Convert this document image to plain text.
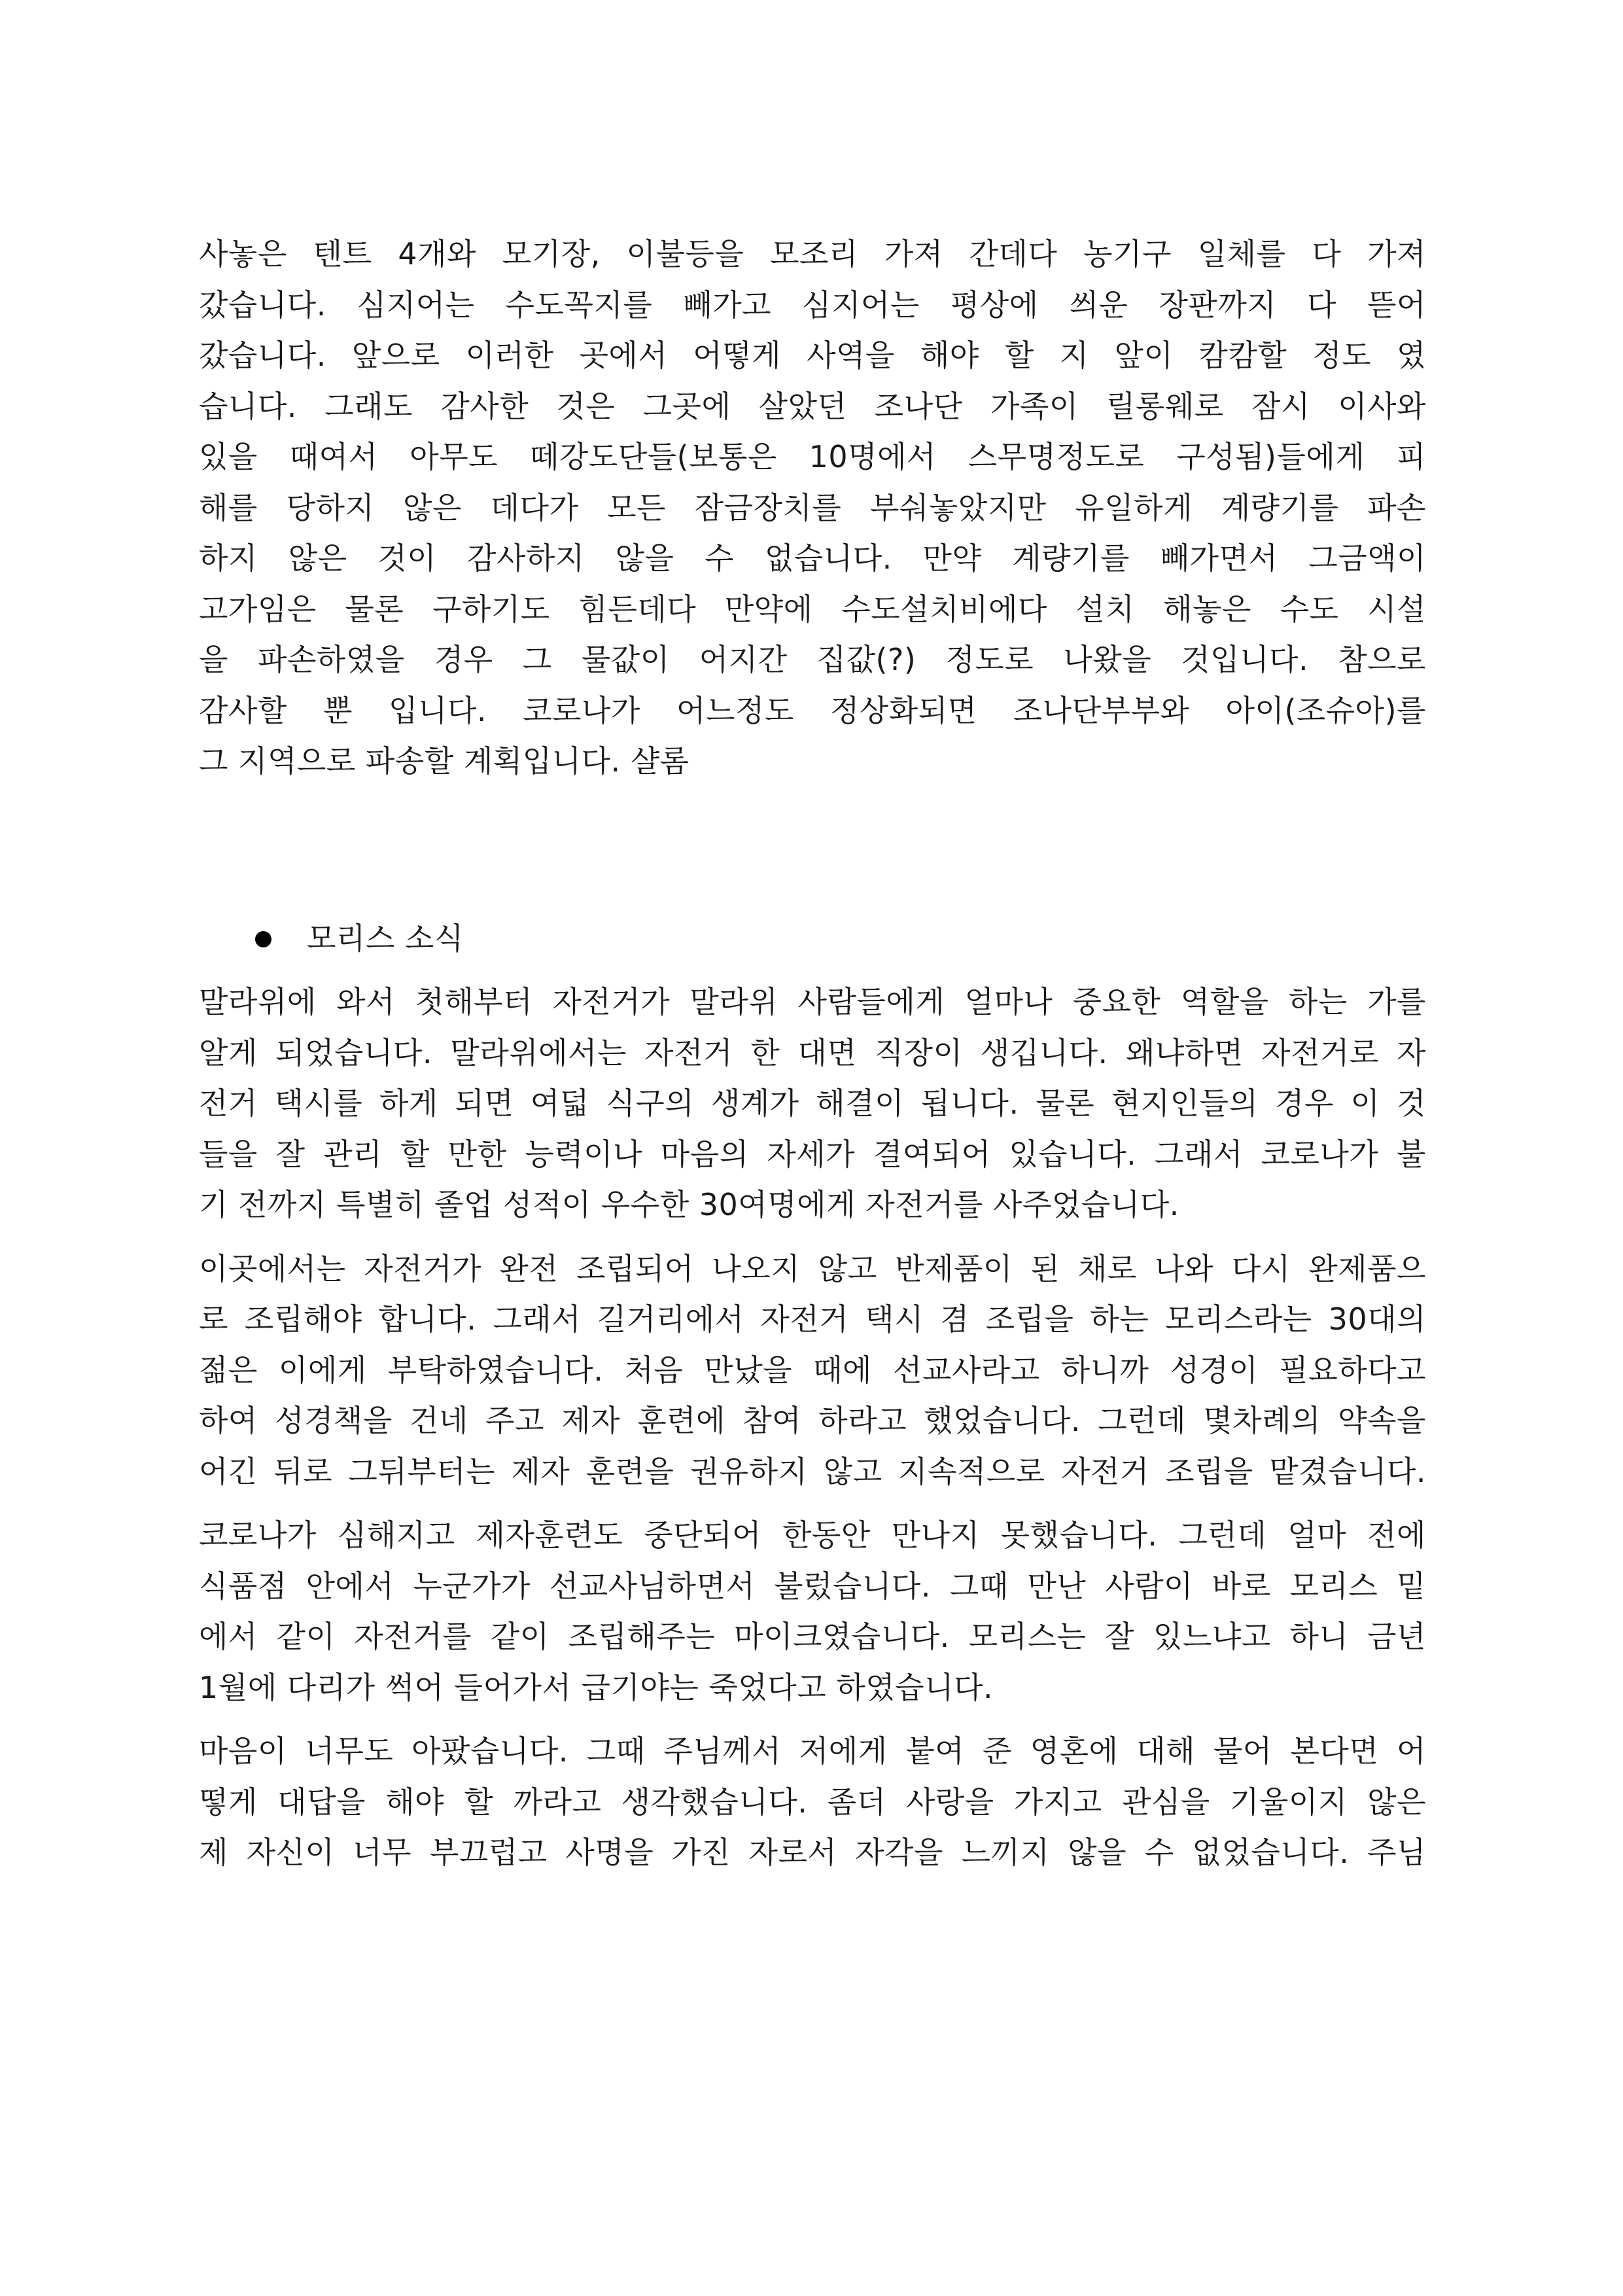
사놓은 텐트 4개와 모기장, 이불등을 모조리 가져 간데다 농기구 일체를 다 가져
갔습니다. 심지어는 수도꼭지를 빼가고 심지어는 평상에 씌운 장판까지 다 뜯어
갔습니다. 앞으로 이러한 곳에서 어떻게 사역을 해야 할 지 앞이 캄캄할 정도 였
습니다. 그래도 감사한 것은 그곳에 살았던 조나단 가족이 릴롱웨로 잠시 이사와
있을 때여서 아무도 떼강도단들(보통은 10명에서 스무명정도로 구성됨)들에게 피
해를 당하지 않은 데다가 모든 잠금장치를 부숴놓았지만 유일하게 계량기를 파손
하지 않은 것이 감사하지 않을 수 없습니다. 만약 계량기를 빼가면서 그금액이
고가임은 물론 구하기도 힘든데다 만약에 수도설치비에다 설치 해놓은 수도 시설
을 파손하였을 경우 그 물값이 어지간 집값(?) 정도로 나왔을 것입니다. 참으로
감사할 뿐 입니다. 코로나가 어느정도 정상화되면 조나단부부와 아이(조슈아)를
그 지역으로 파송할 계획입니다. 샬롬
모리스 소식
말라위에 와서 첫해부터 자전거가 말라위 사람들에게 얼마나 중요한 역할을 하는 가를
알게 되었습니다. 말라위에서는 자전거 한 대면 직장이 생깁니다. 왜냐하면 자전거로 자
전거 택시를 하게 되면 여덟 식구의 생계가 해결이 됩니다. 물론 현지인들의 경우 이 것
들을 잘 관리 할 만한 능력이나 마음의 자세가 결여되어 있습니다. 그래서 코로나가 불
기 전까지 특별히 졸업 성적이 우수한 30여명에게 자전거를 사주었습니다.
이곳에서는 자전거가 완전 조립되어 나오지 않고 반제품이 된 채로 나와 다시 완제품으
로 조립해야 합니다. 그래서 길거리에서 자전거 택시 겸 조립을 하는 모리스라는 30대의
젊은 이에게 부탁하였습니다. 처음 만났을 때에 선교사라고 하니까 성경이 필요하다고
하여 성경책을 건네 주고 제자 훈련에 참여 하라고 했었습니다. 그런데 몇차례의 약속을
어긴 뒤로 그뒤부터는 제자 훈련을 권유하지 않고 지속적으로 자전거 조립을 맡겼습니다.
코로나가 심해지고 제자훈련도 중단되어 한동안 만나지 못했습니다. 그런데 얼마 전에
식품점 안에서 누군가가 선교사님하면서 불렀습니다. 그때 만난 사람이 바로 모리스 밑
에서 같이 자전거를 같이 조립해주는 마이크였습니다. 모리스는 잘 있느냐고 하니 금년
1월에 다리가 썩어 들어가서 급기야는 죽었다고 하였습니다.
마음이 너무도 아팠습니다. 그때 주님께서 저에게 붙여 준 영혼에 대해 물어 본다면 어
떻게 대답을 해야 할 까라고 생각했습니다. 좀더 사랑을 가지고 관심을 기울이지 않은
제 자신이 너무 부끄럽고 사명을 가진 자로서 자각을 느끼지 않을 수 없었습니다. 주님
